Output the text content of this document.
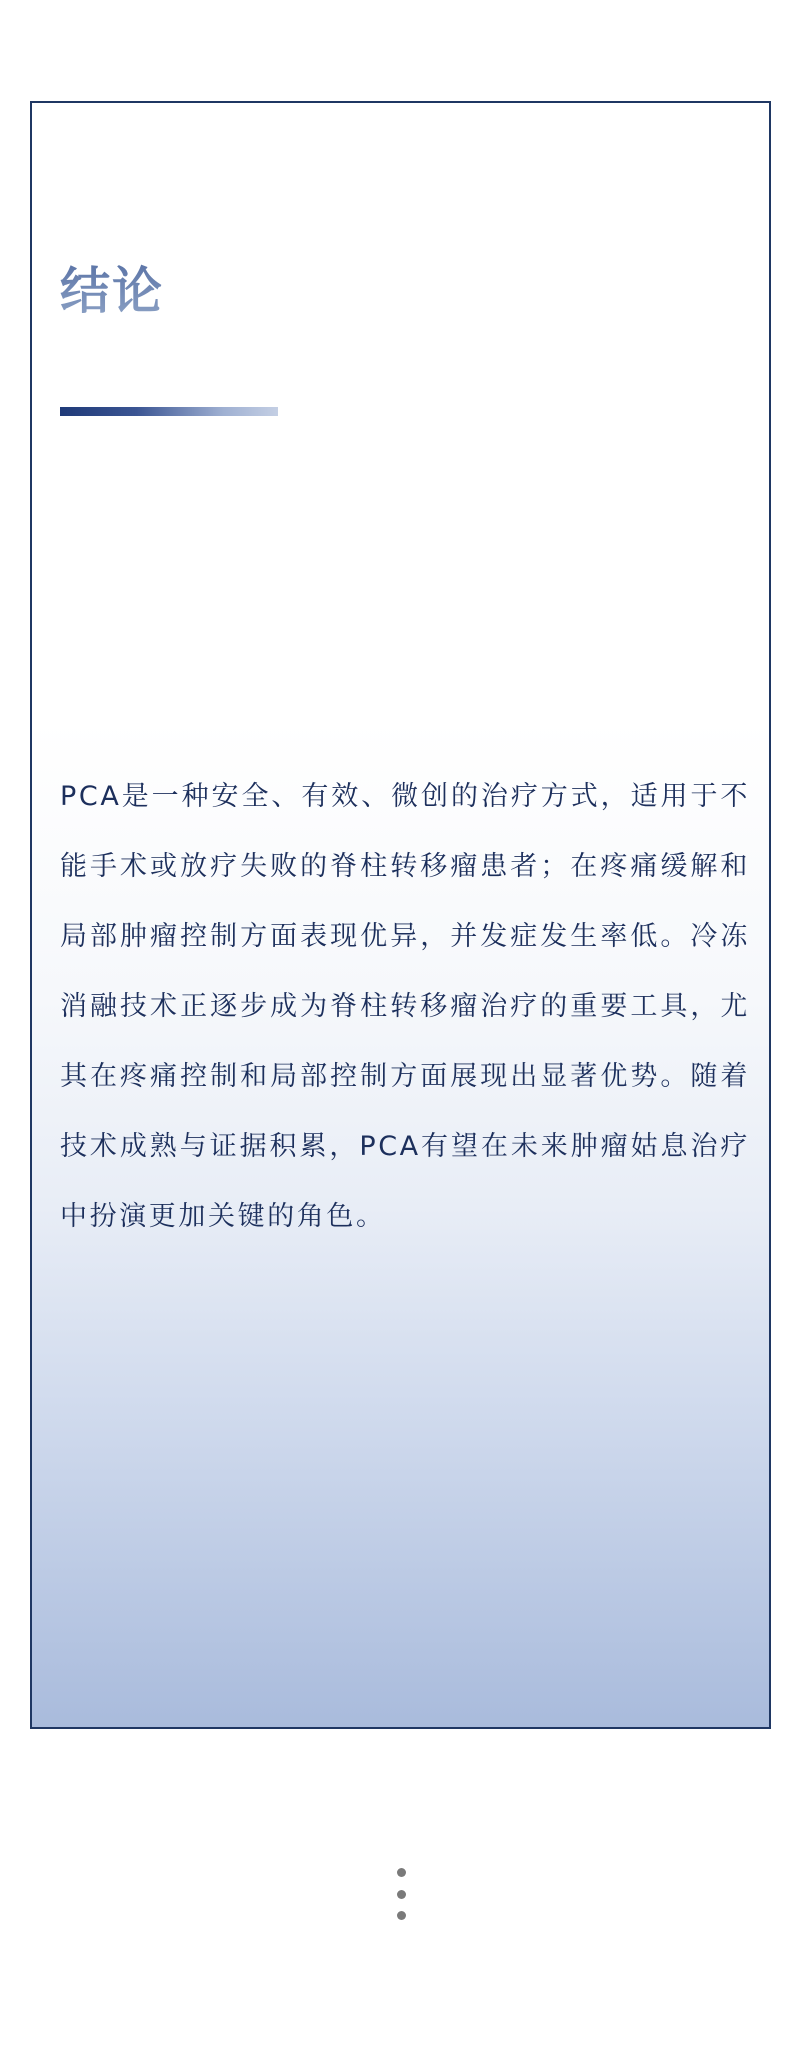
结论

PCA是一种安全、有效、微创的治疗方式，适用于不能手术或放疗失败的脊柱转移瘤患者；在疼痛缓解和局部肿瘤控制方面表现优异，并发症发生率低。冷冻消融技术正逐步成为脊柱转移瘤治疗的重要工具，尤其在疼痛控制和局部控制方面展现出显著优势。随着技术成熟与证据积累，PCA有望在未来肿瘤姑息治疗中扮演更加关键的角色。
